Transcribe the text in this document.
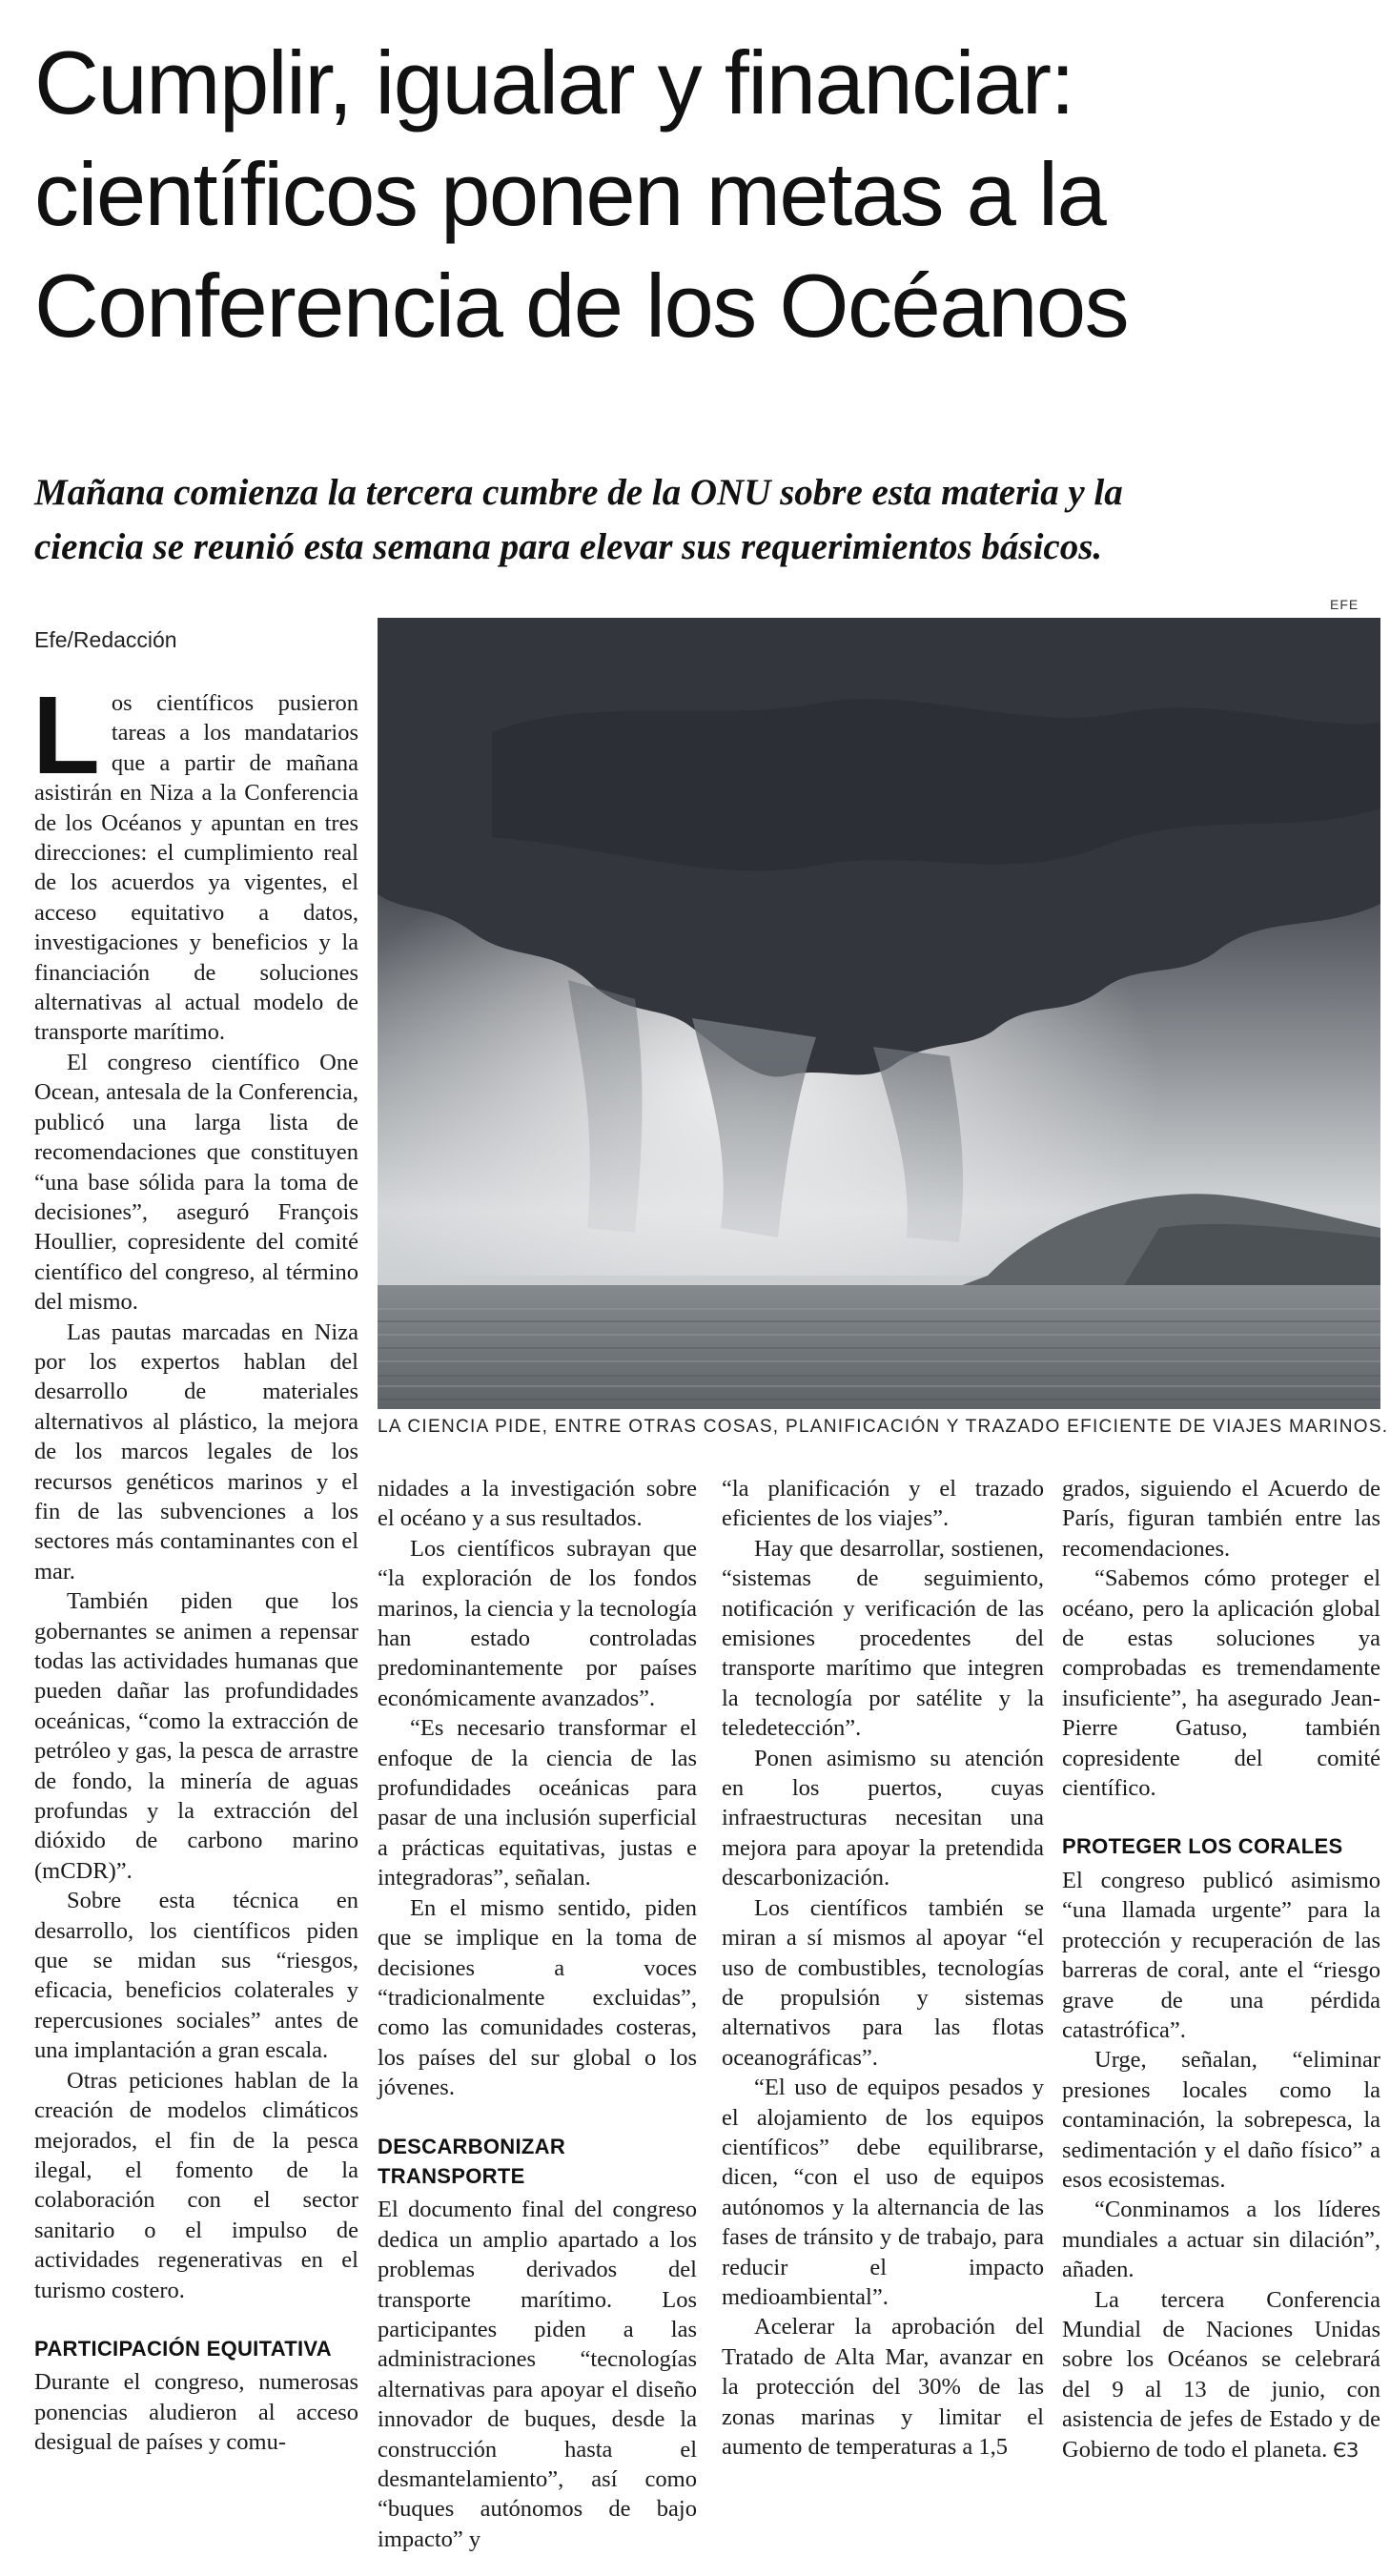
Cumplir, igualar y financiar:
científicos ponen metas a la
Conferencia de los Océanos
Mañana comienza la tercera cumbre de la ONU sobre esta materia y la
ciencia se reunió esta semana para elevar sus requerimientos básicos.
Efe/Redacción
EFE
LA CIENCIA PIDE, ENTRE OTRAS COSAS, PLANIFICACIÓN Y TRAZADO EFICIENTE DE VIAJES MARINOS.

Los científicos pusieron tareas a los mandatarios que a partir de mañana asistirán en Niza a la Conferencia de los Océanos y apuntan en tres direcciones: el cumplimiento real de los acuerdos ya vigentes, el acceso equitativo a datos, investigaciones y beneficios y la financiación de soluciones alternativas al actual modelo de transporte marítimo.

El congreso científico One Ocean, antesala de la Conferencia, publicó una larga lista de recomendaciones que constituyen “una base sólida para la toma de decisiones”, aseguró François Houllier, copresidente del comité científico del congreso, al término del mismo.

Las pautas marcadas en Niza por los expertos hablan del desarrollo de materiales alternativos al plástico, la mejora de los marcos legales de los recursos genéticos marinos y el fin de las subvenciones a los sectores más contaminantes con el mar.

También piden que los gobernantes se animen a repensar todas las actividades humanas que pueden dañar las profundidades oceánicas, “como la extracción de petróleo y gas, la pesca de arrastre de fondo, la minería de aguas profundas y la extracción del dióxido de carbono marino (mCDR)”.

Sobre esta técnica en desarrollo, los científicos piden que se midan sus “riesgos, eficacia, beneficios colaterales y repercusiones sociales” antes de una implantación a gran escala.

Otras peticiones hablan de la creación de modelos climáticos mejorados, el fin de la pesca ilegal, el fomento de la colaboración con el sector sanitario o el impulso de actividades regenerativas en el turismo costero.

PARTICIPACIÓN EQUITATIVA

Durante el congreso, numerosas ponencias aludieron al acceso desigual de países y comu-

nidades a la investigación sobre el océano y a sus resultados.

Los científicos subrayan que “la exploración de los fondos marinos, la ciencia y la tecnología han estado controladas predominantemente por países económicamente avanzados”.

“Es necesario transformar el enfoque de la ciencia de las profundidades oceánicas para pasar de una inclusión superficial a prácticas equitativas, justas e integradoras”, señalan.

En el mismo sentido, piden que se implique en la toma de decisiones a voces “tradicionalmente excluidas”, como las comunidades costeras, los países del sur global o los jóvenes.

DESCARBONIZAR TRANSPORTE

El documento final del congreso dedica un amplio apartado a los problemas derivados del transporte marítimo. Los participantes piden a las administraciones “tecnologías alternativas para apoyar el diseño innovador de buques, desde la construcción hasta el desmantelamiento”, así como “buques autónomos de bajo impacto” y

“la planificación y el trazado eficientes de los viajes”.

Hay que desarrollar, sostienen, “sistemas de seguimiento, notificación y verificación de las emisiones procedentes del transporte marítimo que integren la tecnología por satélite y la teledetección”.

Ponen asimismo su atención en los puertos, cuyas infraestructuras necesitan una mejora para apoyar la pretendida descarbonización.

Los científicos también se miran a sí mismos al apoyar “el uso de combustibles, tecnologías de propulsión y sistemas alternativos para las flotas oceanográficas”.

“El uso de equipos pesados y el alojamiento de los equipos científicos” debe equilibrarse, dicen, “con el uso de equipos autónomos y la alternancia de las fases de tránsito y de trabajo, para reducir el impacto medioambiental”.

Acelerar la aprobación del Tratado de Alta Mar, avanzar en la protección del 30% de las zonas marinas y limitar el aumento de temperaturas a 1,5

grados, siguiendo el Acuerdo de París, figuran también entre las recomendaciones.

“Sabemos cómo proteger el océano, pero la aplicación global de estas soluciones ya comprobadas es tremendamente insuficiente”, ha asegurado Jean-Pierre Gatuso, también copresidente del comité científico.

PROTEGER LOS CORALES

El congreso publicó asimismo “una llamada urgente” para la protección y recuperación de las barreras de coral, ante el “riesgo grave de una pérdida catastrófica”.

Urge, señalan, “eliminar presiones locales como la contaminación, la sobrepesca, la sedimentación y el daño físico” a esos ecosistemas.

“Conminamos a los líderes mundiales a actuar sin dilación”, añaden.

La tercera Conferencia Mundial de Naciones Unidas sobre los Océanos se celebrará del 9 al 13 de junio, con asistencia de jefes de Estado y de Gobierno de todo el planeta. ЄЗ
